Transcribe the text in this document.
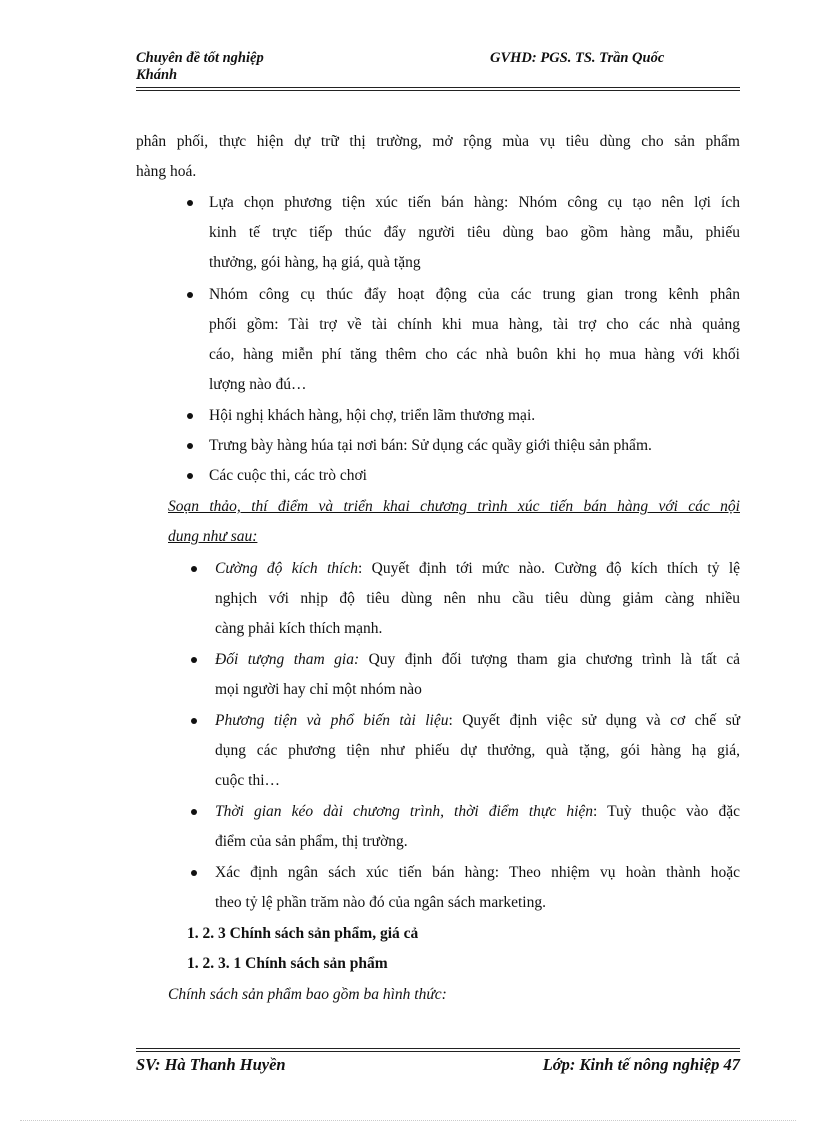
Chuyên đề tốt nghiệp	GVHD: PGS. TS. Trần Quốc
Khánh
phân phối, thực hiện dự trữ thị trường, mở rộng mùa vụ tiêu dùng cho sản phẩm
hàng hoá.
Lựa chọn phương tiện xúc tiến bán hàng: Nhóm công cụ tạo nên lợi ích
kinh tế trực tiếp thúc đẩy người tiêu dùng bao gồm hàng mẫu, phiếu
thưởng, gói hàng, hạ giá, quà tặng
Nhóm công cụ thúc đẩy hoạt động của các trung gian trong kênh phân
phối gồm: Tài trợ về tài chính khi mua hàng, tài trợ cho các nhà quảng
cáo, hàng miễn phí tăng thêm cho các nhà buôn khi họ mua hàng với khối
lượng nào đú…
Hội nghị khách hàng, hội chợ, triển lãm thương mại.
Trưng bày hàng húa tại nơi bán: Sử dụng các quầy giới thiệu sản phẩm.
Các cuộc thi, các trò chơi
Soạn thảo, thí điểm và triển khai chương trình xúc tiến bán hàng với các nội
dung như sau:
Cường độ kích thích: Quyết định tới mức nào. Cường độ kích thích tỷ lệ
nghịch với nhịp độ tiêu dùng nên nhu cầu tiêu dùng giảm càng nhiều
càng phải kích thích mạnh.
Đối tượng tham gia: Quy định đối tượng tham gia chương trình là tất cả
mọi người hay chỉ một nhóm nào
Phương tiện và phổ biến tài liệu: Quyết định việc sử dụng và cơ chế sử
dụng các phương tiện như phiếu dự thưởng, quà tặng, gói hàng hạ giá,
cuộc thi…
Thời gian kéo dài chương trình, thời điểm thực hiện: Tuỳ thuộc vào đặc
điểm của sản phẩm, thị trường.
Xác định ngân sách xúc tiến bán hàng: Theo nhiệm vụ hoàn thành hoặc
theo tỷ lệ phần trăm nào đó của ngân sách marketing.
1. 2. 3 Chính sách sản phẩm, giá cả
1. 2. 3. 1 Chính sách sản phẩm
Chính sách sản phẩm bao gồm ba hình thức:
SV: Hà Thanh Huyền	Lớp: Kinh tế nông nghiệp 47
